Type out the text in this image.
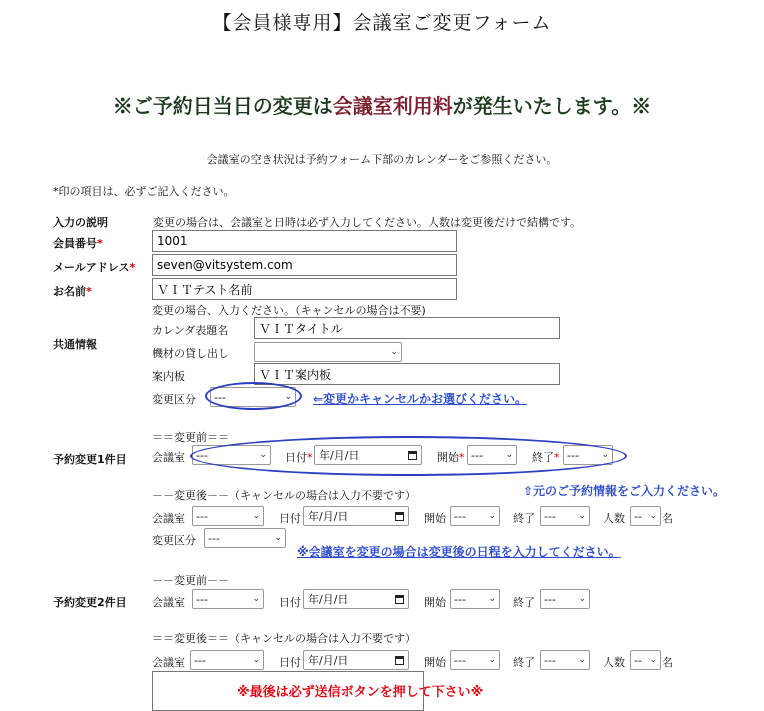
【会員様専用】会議室ご変更フォーム
※ご予約日当日の変更は会議室利用料が発生いたします。※
会議室の空き状況は予約フォーム下部のカレンダーをご参照ください。
*印の項目は、必ずご記入ください。
入力の説明	変更の場合は、会議室と日時は必ず入力してください。人数は変更後だけで結構です。
会員番号*
1001
メールアドレス*
seven@vitsystem.com
お名前*
ＶＩＴテスト名前
変更の場合、入力ください。（キャンセルの場合は不要)
共通情報
カレンダ表題名
ＶＩＴタイトル
機材の貸し出し	⌄
案内板
ＶＩＴ案内板
変更区分 ---	⌄ ⇐変更かキャンセルかお選びください。
＝＝変更前＝＝
予約変更1件目 会議室 ---	⌄ 日付* 年/月/日	開始* ---	⌄ 終了* ---	⌄
⇧元のご予約情報をご入力ください。
－－変更後－－（キャンセルの場合は入力不要です）
会議室 ---	⌄ 日付 年/月/日	開始 ---	⌄ 終了 ---	⌄ 人数 -- ⌄ 名
変更区分 ---	⌄
※会議室を変更の場合は変更後の日程を入力してください。
－－変更前－－
予約変更2件目 会議室 ---	⌄ 日付 年/月/日	開始 ---	⌄ 終了 ---	⌄
＝＝変更後＝＝（キャンセルの場合は入力不要です）
会議室 ---	⌄ 日付 年/月/日	開始 ---	⌄ 終了 ---	⌄ 人数 -- ⌄ 名
※最後は必ず送信ボタンを押して下さい※
